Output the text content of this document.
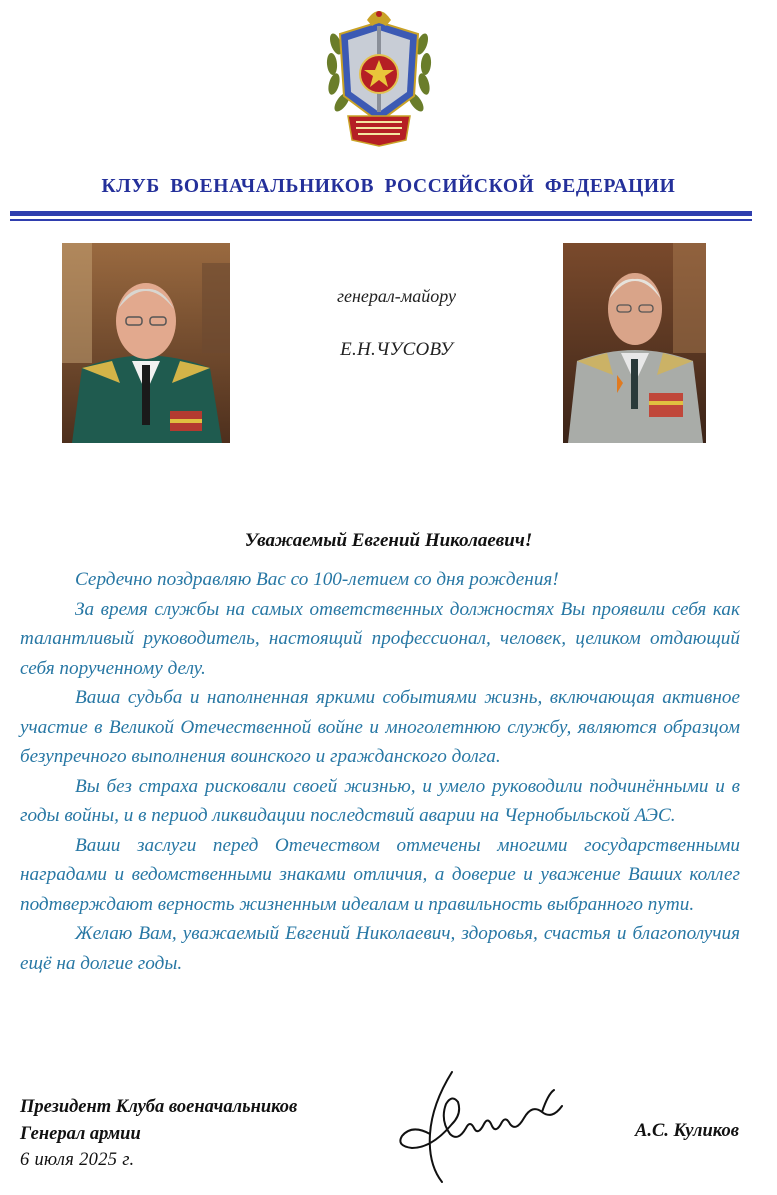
КЛУБ ВОЕНАЧАЛЬНИКОВ РОССИЙСКОЙ ФЕДЕРАЦИИ
генерал-майору
Е.Н.ЧУСОВУ
Уважаемый Евгений Николаевич!

Сердечно поздравляю Вас со 100-летием со дня рождения!

За время службы на самых ответственных должностях Вы проявили себя как талантливый руководитель, настоящий профессионал, человек, целиком отдающий себя порученному делу.

Ваша судьба и наполненная яркими событиями жизнь, включающая активное участие в Великой Отечественной войне и многолетнюю службу, являются образцом безупречного выполнения воинского и гражданского долга.

Вы без страха рисковали своей жизнью, и умело руководили подчинёнными и в годы войны, и в период ликвидации последствий аварии на Чернобыльской АЭС.

Ваши заслуги перед Отечеством отмечены многими государственными наградами и ведомственными знаками отличия, а доверие и уважение Ваших коллег подтверждают верность жизненным идеалам и правильность выбранного пути.

Желаю Вам, уважаемый Евгений Николаевич, здоровья, счастья и благополучия ещё на долгие годы.

Президент Клуба военачальников
Генерал армии
6 июля 2025 г.
А.С. Куликов
